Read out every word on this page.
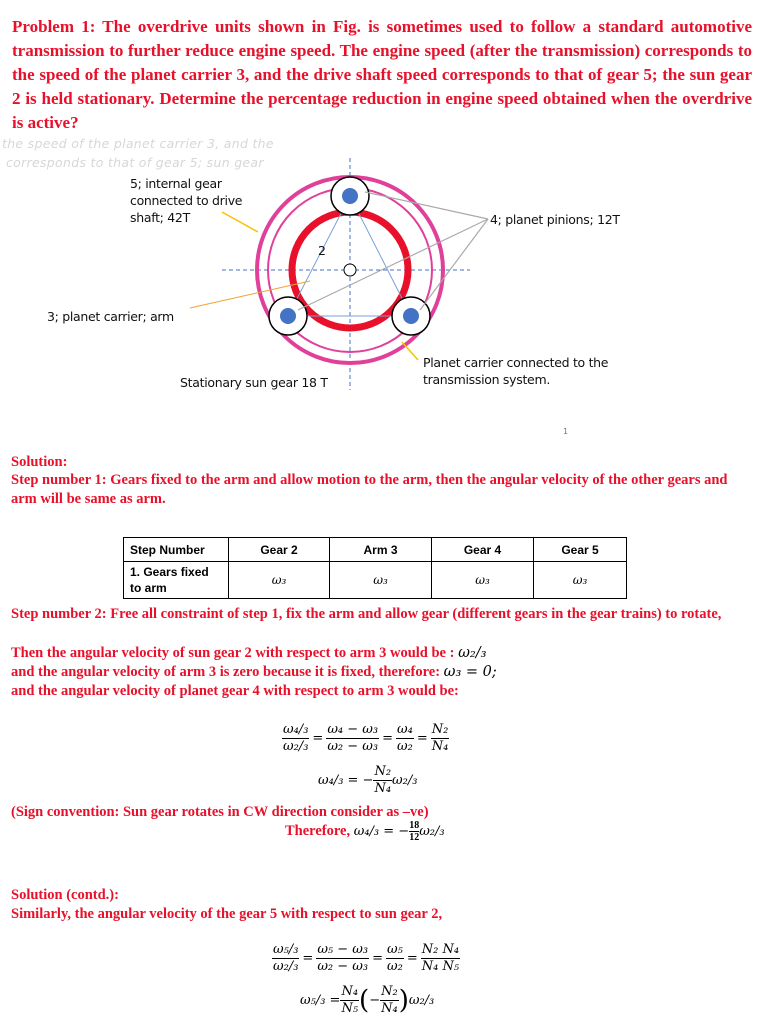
Problem 1: The overdrive units shown in Fig. is sometimes used to follow a standard automotive transmission to further reduce engine speed. The engine speed (after the transmission) corresponds to the speed of the planet carrier 3, and the drive shaft speed corresponds to that of gear 5; the sun gear 2 is held stationary. Determine the percentage reduction in engine speed obtained when the overdrive is active?

the speed of the planet carrier 3, and the
corresponds to that of gear 5; sun gear
5; internal gear
connected to drive
shaft; 42T
2
4; planet pinions; 12T
3; planet carrier; arm
Stationary sun gear 18 T
Planet carrier connected to the
transmission system.
1

Solution:

Step number 1: Gears fixed to the arm and allow motion to the arm, then the angular velocity of the other gears and arm will be same as arm.

Step Number	Gear 2	Arm 3	Gear 4	Gear 5
1. Gears fixed to arm	ω₃	ω₃	ω₃	ω₃

Step number 2: Free all constraint of step 1, fix the arm and allow gear (different gears in the gear trains) to rotate,

Then the angular velocity of sun gear 2 with respect to arm 3 would be : ω₂/₃

and the angular velocity of arm 3 is zero because it is fixed, therefore: ω₃ = 0;

and the angular velocity of planet gear 4 with respect to arm 3 would be:

$\frac{\text{ω₄/₃}}{\text{ω₂/₃}} = \frac{\text{ω₄ − ω₃}}{\text{ω₂ − ω₃}} = \frac{\text{ω₄}}{\text{ω₂}} = \frac{\text{N₂}}{\text{N₄}}$
ω₄/₃ = − $\frac{\text{N₂}}{\text{N₄}} \omega_2/_3$

(Sign convention: Sun gear rotates in CW direction consider as –ve)

Therefore, ω₄/₃ = − $\frac{18}{12} \omega_2/_3$

Solution (contd.):

Similarly, the angular velocity of the gear 5 with respect to sun gear 2,

$\frac{\text{ω₅/₃}}{\text{ω₂/₃}} = \frac{\text{ω₅ − ω₃}}{\text{ω₂ − ω₃}} = \frac{\text{ω₅}}{\text{ω₂}} = \frac{\text{N₂ N₄}}{\text{N₄ N₅}}$
$\omega_5/_3 = \frac{\text{N₄}}{\text{N₅}}$ (− $\frac{\text{N₂}}{\text{N₄}} )\omega_2/_3$
